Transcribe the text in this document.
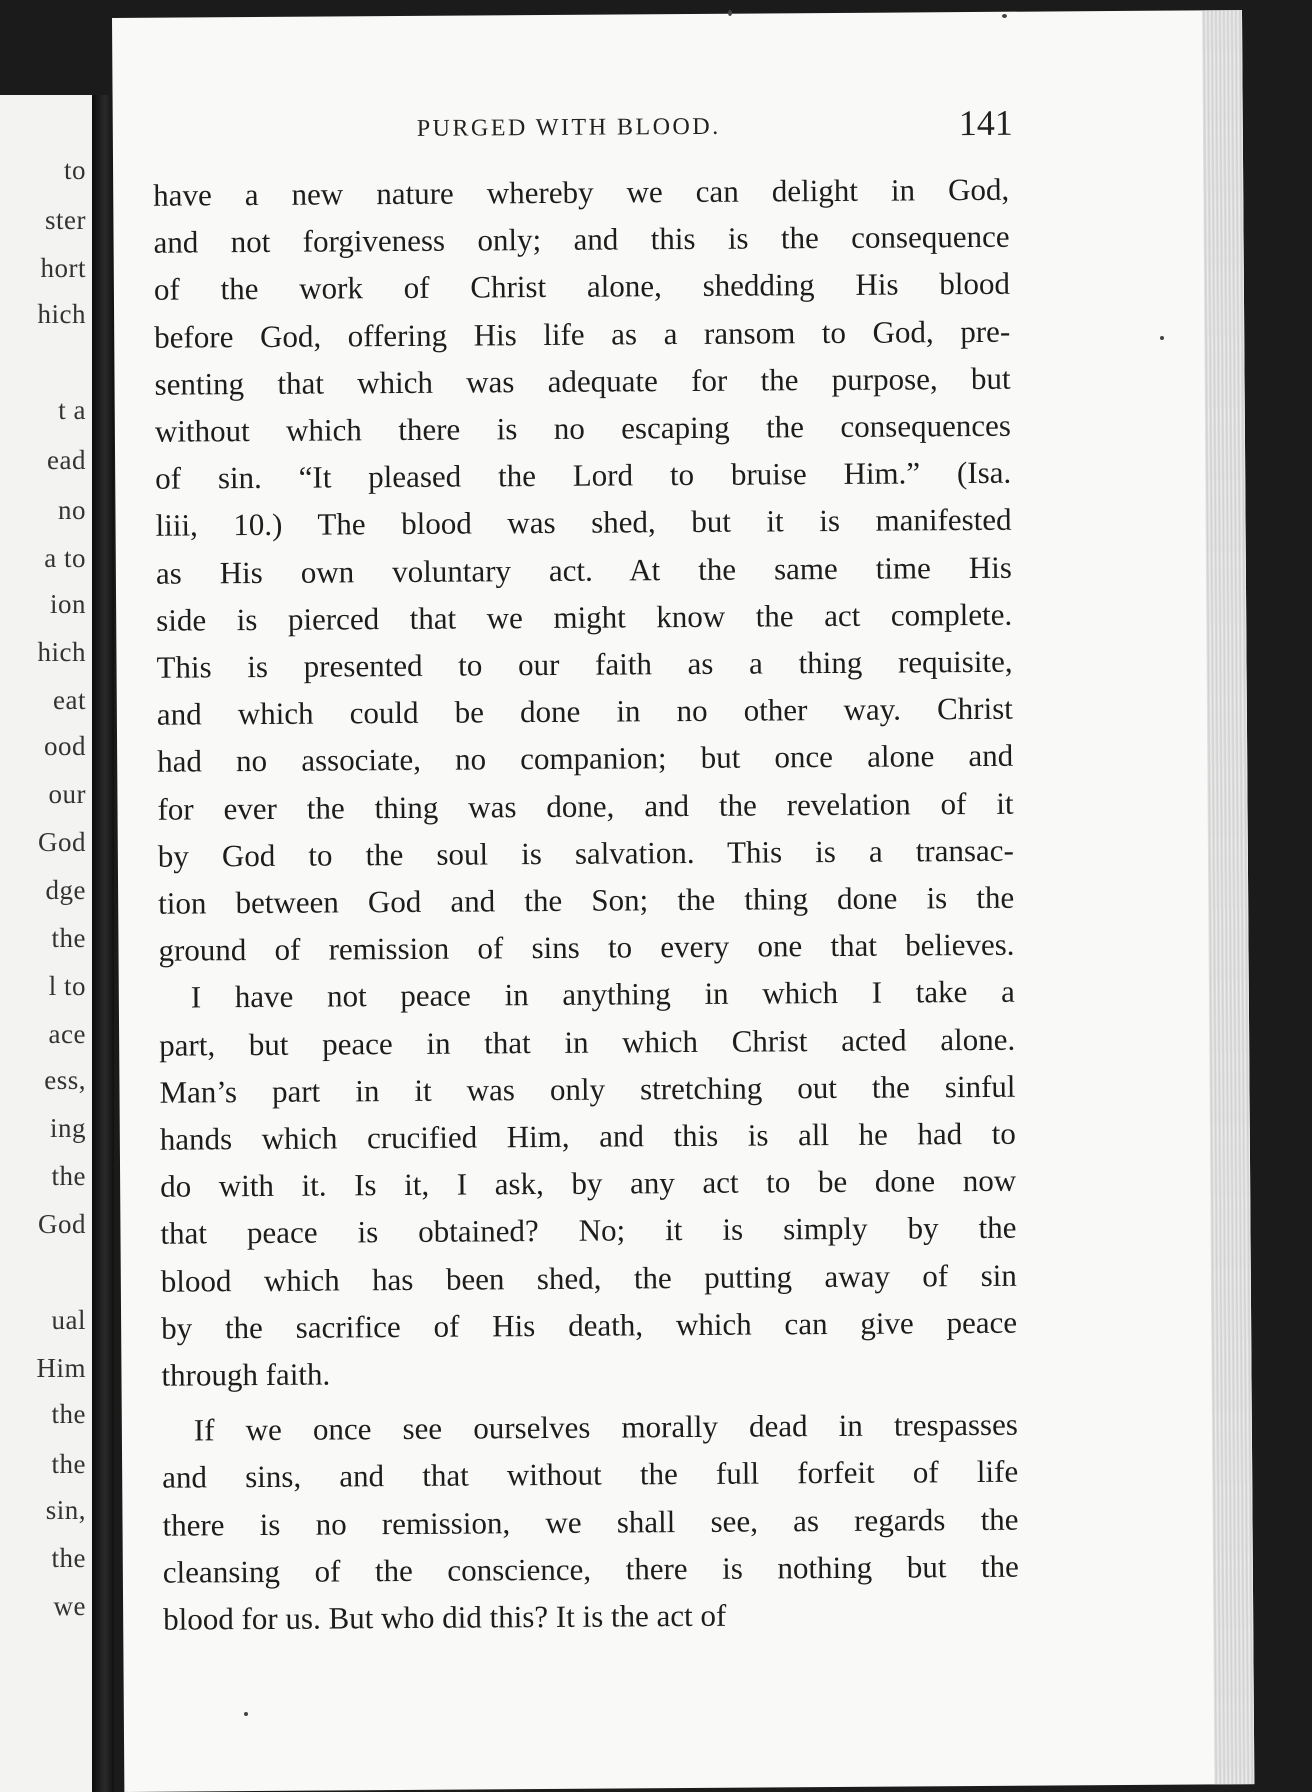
to
ster
hort
hich
t a
ead
no
a to
ion
hich
eat
ood
our
God
dge
the
l to
ace
ess,
ing
the
God
ual
Him
the
the
sin,
the
we
PURGED WITH BLOOD.	141
have a new nature whereby we can delight in God,
and not forgiveness only; and this is the consequence
of the work of Christ alone, shedding His blood
before God, offering His life as a ransom to God, pre-
senting that which was adequate for the purpose, but
without which there is no escaping the consequences
of sin. “It pleased the Lord to bruise Him.” (Isa.
liii, 10.) The blood was shed, but it is manifested
as His own voluntary act. At the same time His
side is pierced that we might know the act complete.
This is presented to our faith as a thing requisite,
and which could be done in no other way. Christ
had no associate, no companion; but once alone and
for ever the thing was done, and the revelation of it
by God to the soul is salvation. This is a transac-
tion between God and the Son; the thing done is the
ground of remission of sins to every one that believes.
I have not peace in anything in which I take a
part, but peace in that in which Christ acted alone.
Man’s part in it was only stretching out the sinful
hands which crucified Him, and this is all he had to
do with it. Is it, I ask, by any act to be done now
that peace is obtained? No; it is simply by the
blood which has been shed, the putting away of sin
by the sacrifice of His death, which can give peace
through faith.
If we once see ourselves morally dead in trespasses
and sins, and that without the full forfeit of life
there is no remission, we shall see, as regards the
cleansing of the conscience, there is nothing but the
blood for us. But who did this? It is the act of
